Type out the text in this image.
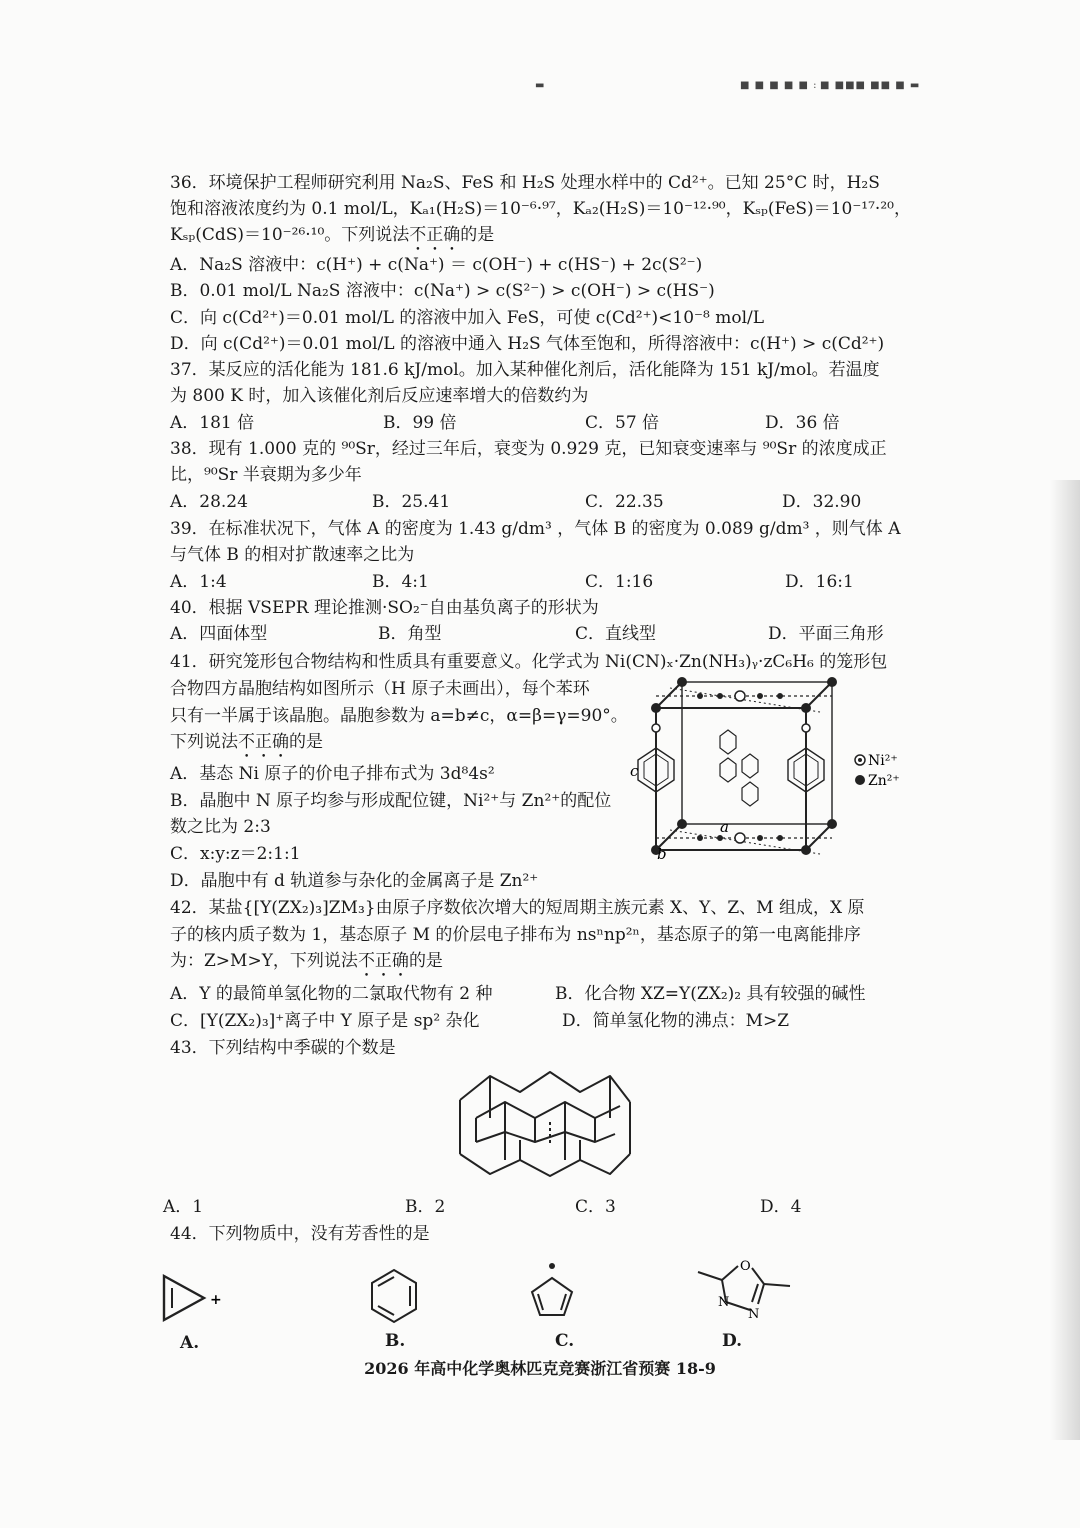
▬	■ ■ ■ ■ ■ : ■ ■■■ ■■ ■ ▬
36．环境保护工程师研究利用 Na₂S、FeS 和 H₂S 处理水样中的 Cd²⁺。已知 25°C 时，H₂S
饱和溶液浓度约为 0.1 mol/L，Kₐ₁(H₂S)＝10⁻⁶·⁹⁷，Kₐ₂(H₂S)＝10⁻¹²·⁹⁰，Kₛₚ(FeS)＝10⁻¹⁷·²⁰，
Kₛₚ(CdS)＝10⁻²⁶·¹⁰。下列说法不正确的是
A．Na₂S 溶液中：c(H⁺) + c(Na⁺) ＝ c(OH⁻) + c(HS⁻) + 2c(S²⁻)
B．0.01 mol/L Na₂S 溶液中：c(Na⁺) > c(S²⁻) > c(OH⁻) > c(HS⁻)
C．向 c(Cd²⁺)＝0.01 mol/L 的溶液中加入 FeS，可使 c(Cd²⁺)<10⁻⁸ mol/L
D．向 c(Cd²⁺)＝0.01 mol/L 的溶液中通入 H₂S 气体至饱和，所得溶液中：c(H⁺) > c(Cd²⁺)
37．某反应的活化能为 181.6 kJ/mol。加入某种催化剂后，活化能降为 151 kJ/mol。若温度
为 800 K 时，加入该催化剂后反应速率增大的倍数约为
A．181 倍	B．99 倍	C．57 倍	D．36 倍
38．现有 1.000 克的 ⁹⁰Sr，经过三年后，衰变为 0.929 克，已知衰变速率与 ⁹⁰Sr 的浓度成正
比，⁹⁰Sr 半衰期为多少年
A．28.24	B．25.41	C．22.35	D．32.90
39．在标准状况下，气体 A 的密度为 1.43 g/dm³ ，气体 B 的密度为 0.089 g/dm³ ，则气体 A
与气体 B 的相对扩散速率之比为
A．1:4	B．4:1	C．1:16	D．16:1
40．根据 VSEPR 理论推测·SO₂⁻自由基负离子的形状为
A．四面体型	B．角型	C．直线型	D．平面三角形
41．研究笼形包合物结构和性质具有重要意义。化学式为 Ni(CN)ₓ·Zn(NH₃)ᵧ·zC₆H₆ 的笼形包
合物四方晶胞结构如图所示（H 原子未画出），每个苯环
只有一半属于该晶胞。晶胞参数为 a=b≠c，α=β=γ=90°。
下列说法不正确的是
A．基态 Ni 原子的价电子排布式为 3d⁸4s²
B．晶胞中 N 原子均参与形成配位键，Ni²⁺与 Zn²⁺的配位
数之比为 2:3
C．x:y:z＝2:1:1
D．晶胞中有 d 轨道参与杂化的金属离子是 Zn²⁺
Ni²⁺
Zn²⁺
a
b
c
42．某盐{[Y(ZX₂)₃]ZM₃}由原子序数依次增大的短周期主族元素 X、Y、Z、M 组成，X 原
子的核内质子数为 1，基态原子 M 的价层电子排布为 nsⁿnp²ⁿ，基态原子的第一电离能排序
为：Z>M>Y，下列说法不正确的是
A．Y 的最简单氢化物的二氯取代物有 2 种	B．化合物 XZ=Y(ZX₂)₂ 具有较强的碱性
C．[Y(ZX₂)₃]⁺离子中 Y 原子是 sp² 杂化	D．简单氢化物的沸点：M>Z
43．下列结构中季碳的个数是
A．1	B．2	C．3	D．4
44．下列物质中，没有芳香性的是
+
A.	B.	C.
O
N
N
D.
2026 年高中化学奥林匹克竞赛浙江省预赛 18-9
